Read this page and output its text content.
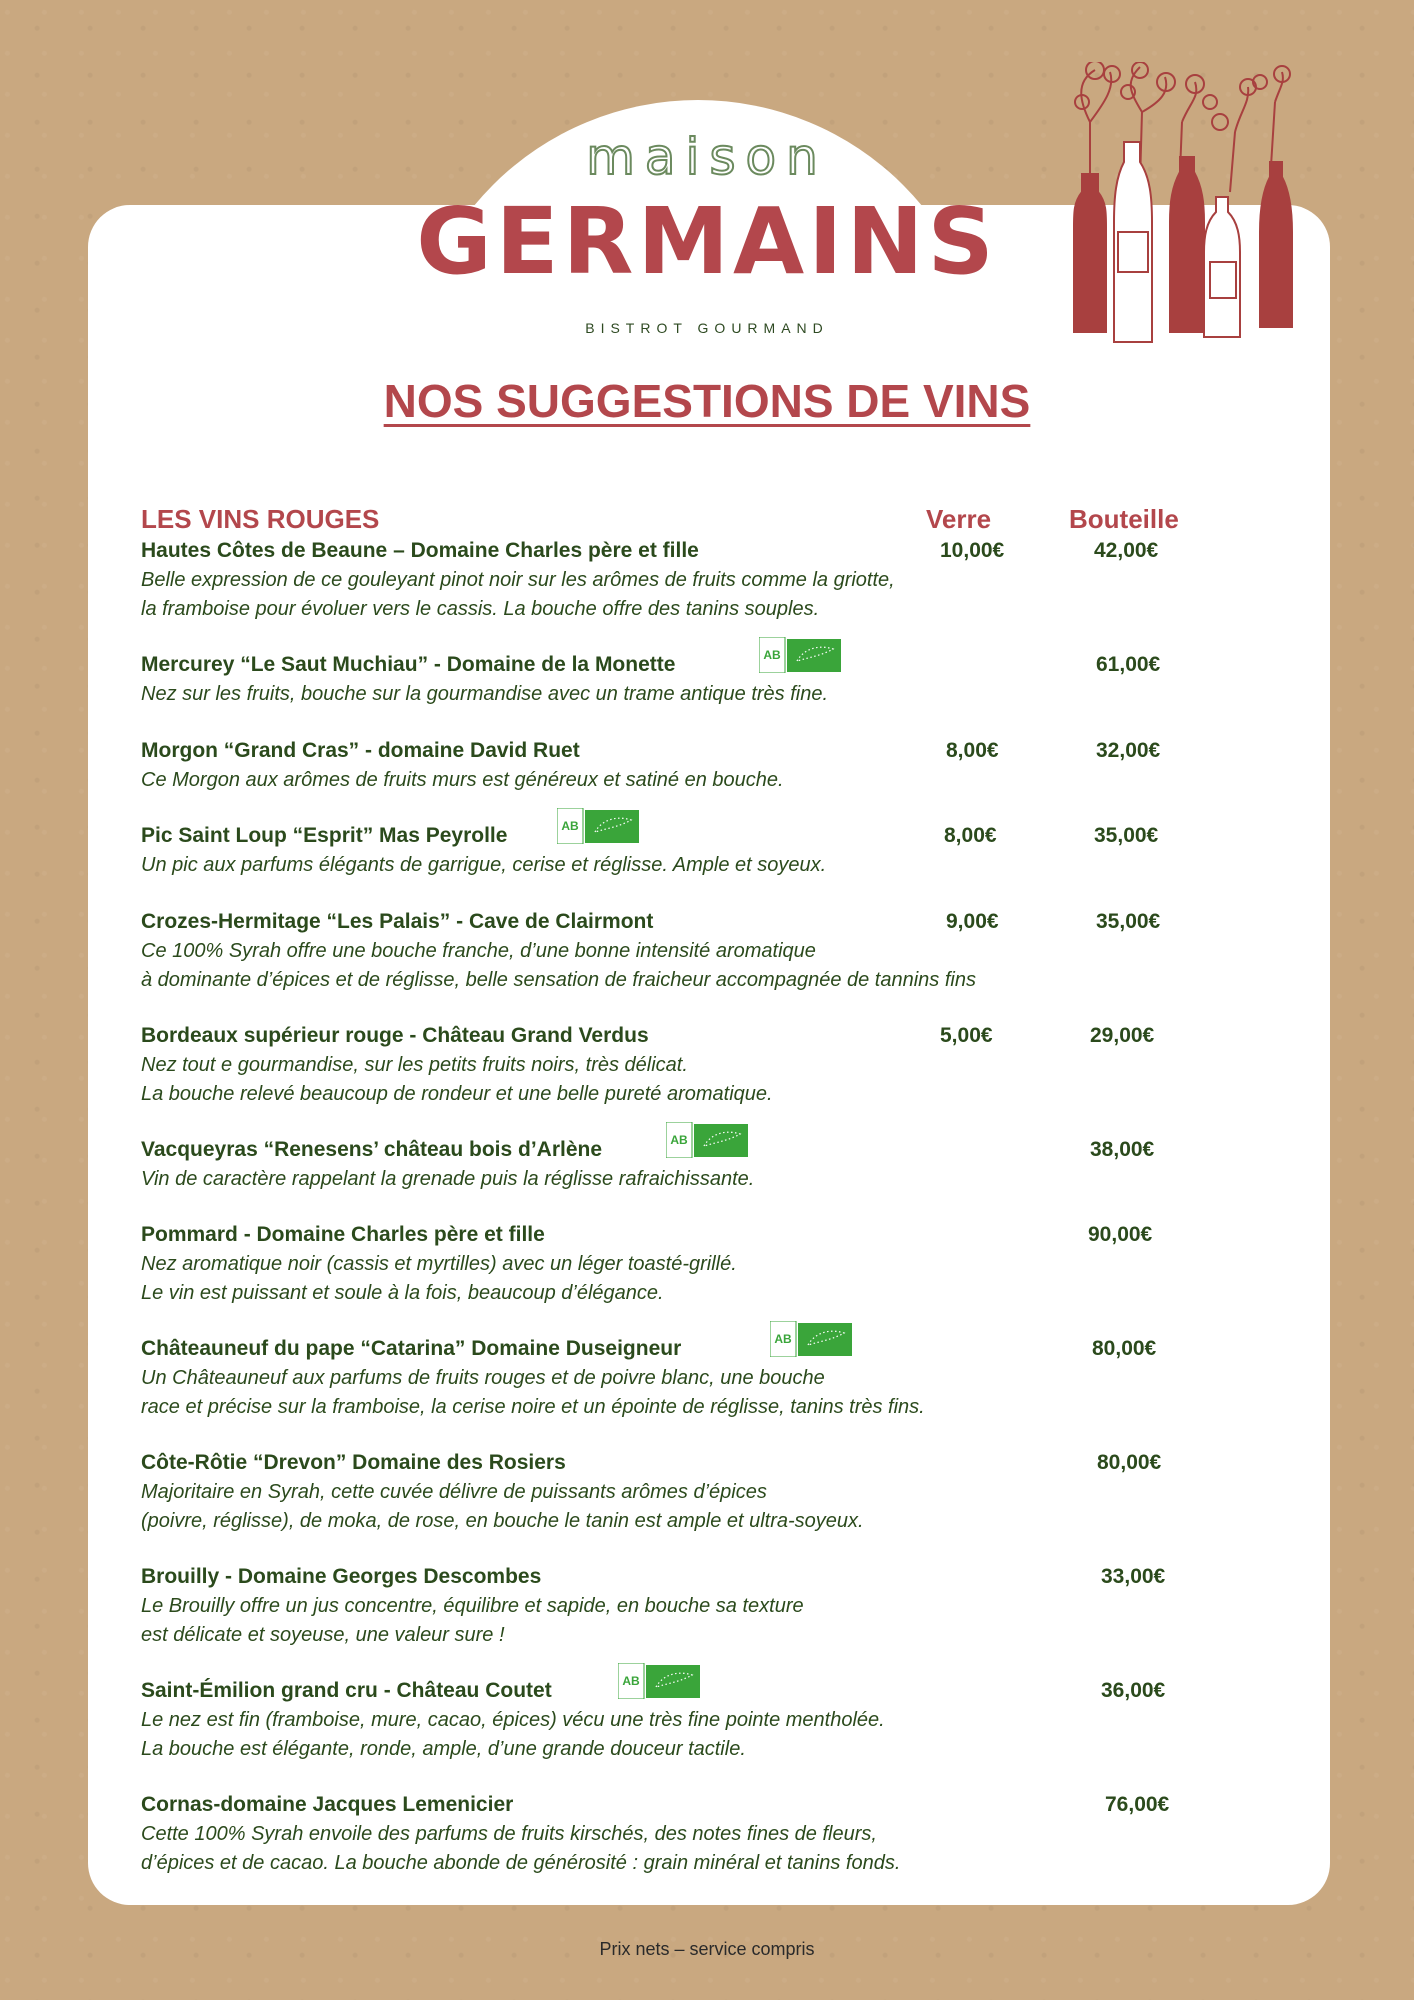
maison
GERMAINS
BISTROT GOURMAND
NOS SUGGESTIONS DE VINS
LES VINS ROUGES	Verre	Bouteille
Hautes Côtes de Beaune – Domaine Charles père et fille
Belle expression de ce gouleyant pinot noir sur les arômes de fruits comme la griotte,
la framboise pour évoluer vers le cassis. La bouche offre des tanins souples.
10,00€	42,00€
Mercurey “Le Saut Muchiau” - Domaine de la Monette
Nez sur les fruits, bouche sur la gourmandise avec un trame antique très fine.
61,00€
AB
Morgon “Grand Cras” - domaine David Ruet
Ce Morgon aux arômes de fruits murs est généreux et satiné en bouche.
8,00€	32,00€
Pic Saint Loup “Esprit” Mas Peyrolle
Un pic aux parfums élégants de garrigue, cerise et réglisse. Ample et soyeux.
8,00€	35,00€
AB
Crozes-Hermitage “Les Palais” - Cave de Clairmont
Ce 100% Syrah offre une bouche franche, d’une bonne intensité aromatique
à dominante d’épices et de réglisse, belle sensation de fraicheur accompagnée de tannins fins
9,00€	35,00€
Bordeaux supérieur rouge - Château Grand Verdus
Nez tout e gourmandise, sur les petits fruits noirs, très délicat.
La bouche relevé beaucoup de rondeur et une belle pureté aromatique.
5,00€	29,00€
Vacqueyras “Renesens’ château bois d’Arlène
Vin de caractère rappelant la grenade puis la réglisse rafraichissante.
38,00€
AB
Pommard - Domaine Charles père et fille
Nez aromatique noir (cassis et myrtilles) avec un léger toasté-grillé.
Le vin est puissant et soule à la fois, beaucoup d’élégance.
90,00€
Châteauneuf du pape “Catarina” Domaine Duseigneur
Un Châteauneuf aux parfums de fruits rouges et de poivre blanc, une bouche
race et précise sur la framboise, la cerise noire et un épointe de réglisse, tanins très fins.
80,00€
AB
Côte-Rôtie “Drevon” Domaine des Rosiers
Majoritaire en Syrah, cette cuvée délivre de puissants arômes d’épices
(poivre, réglisse), de moka, de rose, en bouche le tanin est ample et ultra-soyeux.
80,00€
Brouilly - Domaine Georges Descombes
Le Brouilly offre un jus concentre, équilibre et sapide, en bouche sa texture
est délicate et soyeuse, une valeur sure !
33,00€
Saint-Émilion grand cru - Château Coutet
Le nez est fin (framboise, mure, cacao, épices) vécu une très fine pointe mentholée.
La bouche est élégante, ronde, ample, d’une grande douceur tactile.
36,00€
AB
Cornas-domaine Jacques Lemenicier
Cette 100% Syrah envoile des parfums de fruits kirschés, des notes fines de fleurs,
d’épices et de cacao. La bouche abonde de générosité : grain minéral et tanins fonds.
76,00€
Prix nets – service compris
